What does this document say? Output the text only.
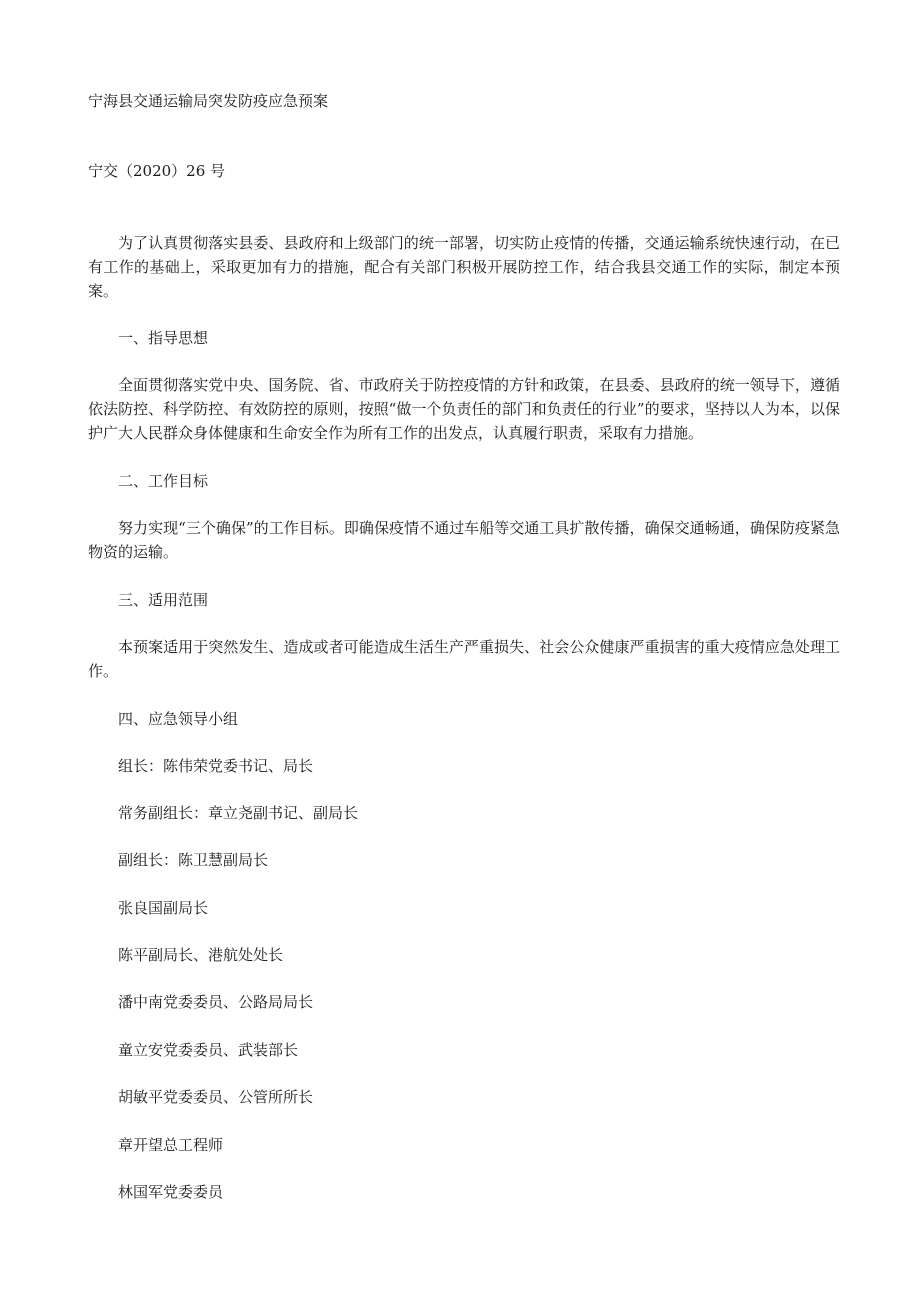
宁海县交通运输局突发防疫应急预案

宁交（2020）26 号

为了认真贯彻落实县委、县政府和上级部门的统一部署，切实防止疫情的传播，交通运输系统快速行动，在已有工作的基础上，采取更加有力的措施，配合有关部门积极开展防控工作，结合我县交通工作的实际，制定本预案。

一、指导思想

全面贯彻落实党中央、国务院、省、市政府关于防控疫情的方针和政策，在县委、县政府的统一领导下，遵循依法防控、科学防控、有效防控的原则，按照“做一个负责任的部门和负责任的行业”的要求，坚持以人为本，以保护广大人民群众身体健康和生命安全作为所有工作的出发点，认真履行职责，采取有力措施。

二、工作目标

努力实现“三个确保”的工作目标。即确保疫情不通过车船等交通工具扩散传播，确保交通畅通，确保防疫紧急物资的运输。

三、适用范围

本预案适用于突然发生、造成或者可能造成生活生产严重损失、社会公众健康严重损害的重大疫情应急处理工作。

四、应急领导小组

组长：陈伟荣党委书记、局长

常务副组长：章立尧副书记、副局长

副组长：陈卫慧副局长

张良国副局长

陈平副局长、港航处处长

潘中南党委委员、公路局局长

童立安党委委员、武装部长

胡敏平党委委员、公管所所长

章开望总工程师

林国军党委委员
